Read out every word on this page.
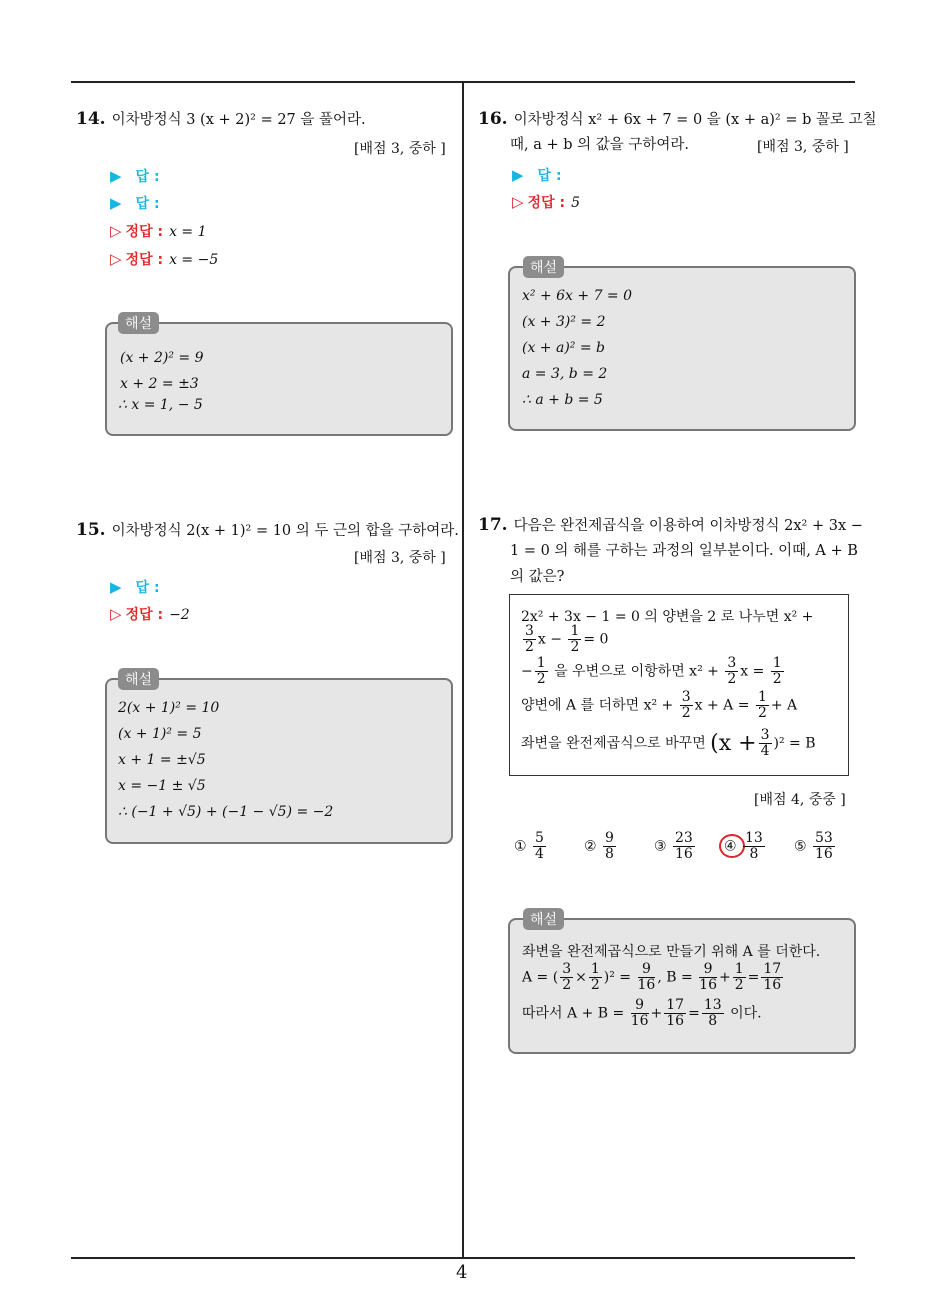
4
14. 이차방정식 3 (x + 2)² = 27 을 풀어라.
[배점 3, 중하 ]
▶ 답 :
▶ 답 :
▷ 정답 : x = 1
▷ 정답 : x = −5
해설
(x + 2)² = 9
x + 2 = ±3
∴ x = 1, − 5
15. 이차방정식 2(x + 1)² = 10 의 두 근의 합을 구하여라.
[배점 3, 중하 ]
▶ 답 :
▷ 정답 : −2
해설
2(x + 1)² = 10
(x + 1)² = 5
x + 1 = ±√5
x = −1 ± √5
∴ (−1 + √5) + (−1 − √5) = −2
16. 이차방정식 x² + 6x + 7 = 0 을 (x + a)² = b 꼴로 고칠
때, a + b 의 값을 구하여라.	[배점 3, 중하 ]
▶ 답 :
▷ 정답 : 5
해설
x² + 6x + 7 = 0
(x + 3)² = 2
(x + a)² = b
a = 3, b = 2
∴ a + b = 5
17. 다음은 완전제곱식을 이용하여 이차방정식 2x² + 3x −
1 = 0 의 해를 구하는 과정의 일부분이다. 이때, A + B
의 값은?
2x² + 3x − 1 = 0 의 양변을 2 로 나누면 x² +
$\frac{3}{2}$ $x - \frac{1}{2} = 0$
− $\frac{1}{2}$ 을 우변으로 이항하면 $x^2 + \frac{3}{2}$ $x = \frac{1}{2}$
양변에 A 를 더하면 $x^2 + \frac{3}{2}$ $x + A = \frac{1}{2} + A$
좌변을 완전제곱식으로 바꾸면 $(x + \frac{3}{4} )^2 = B$
[배점 4, 중중 ]
① $\frac{5}{4}$	② $\frac{9}{8}$	③ $\frac{23}{16}$ ④ $\frac{13}{8}$ ⑤ $\frac{53}{16}$
해설
좌변을 완전제곱식으로 만들기 위해 A 를 더한다.
A = ( $\frac{3}{2} \times \frac{1}{2} )^2 = \frac{9}{16}$ , $B = \frac{9}{16} + \frac{1}{2} = \frac{17}{16}$
따라서 $A + B = \frac{9}{16} + \frac{17}{16} = \frac{13}{8}$ 이다.
